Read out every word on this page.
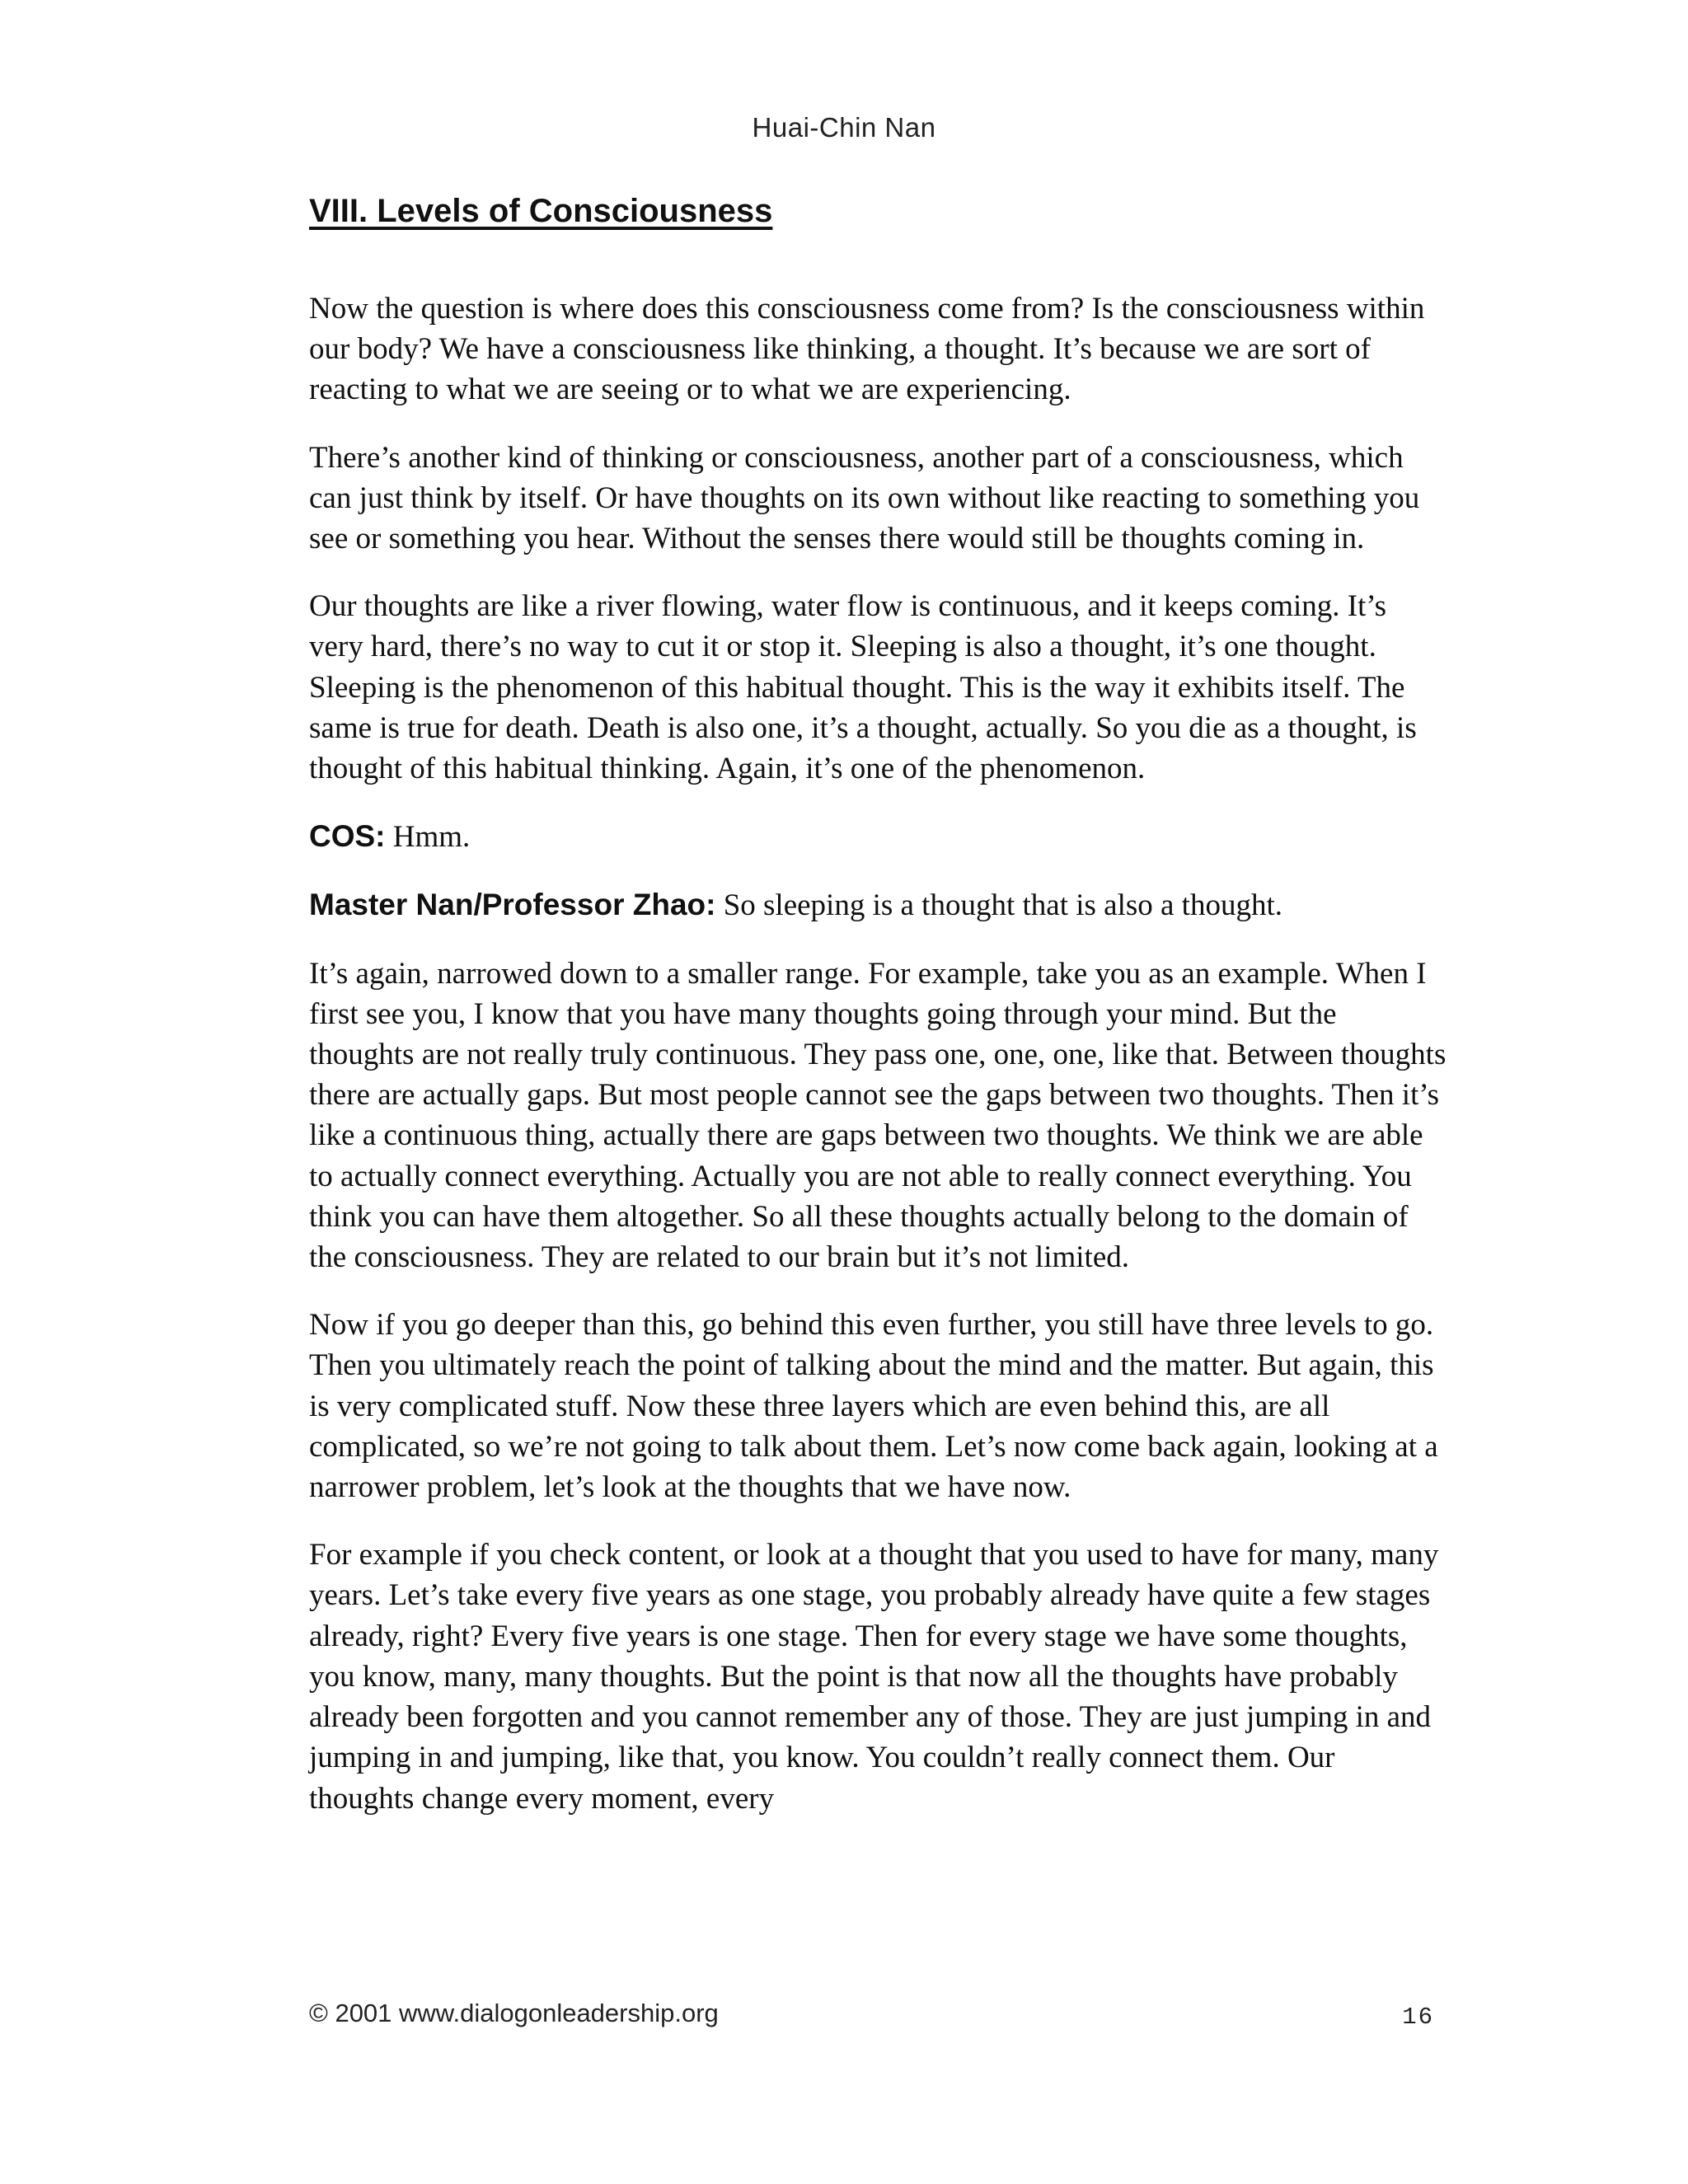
Huai-Chin Nan
VIII. Levels of Consciousness

Now the question is where does this consciousness come from? Is the consciousness within our body? We have a consciousness like thinking, a thought. It’s because we are sort of reacting to what we are seeing or to what we are experiencing.

There’s another kind of thinking or consciousness, another part of a consciousness, which can just think by itself. Or have thoughts on its own without like reacting to something you see or something you hear. Without the senses there would still be thoughts coming in.

Our thoughts are like a river flowing, water flow is continuous, and it keeps coming. It’s very hard, there’s no way to cut it or stop it. Sleeping is also a thought, it’s one thought. Sleeping is the phenomenon of this habitual thought. This is the way it exhibits itself. The same is true for death. Death is also one, it’s a thought, actually. So you die as a thought, is thought of this habitual thinking. Again, it’s one of the phenomenon.

COS: Hmm.

Master Nan/Professor Zhao: So sleeping is a thought that is also a thought.

It’s again, narrowed down to a smaller range. For example, take you as an example. When I first see you, I know that you have many thoughts going through your mind. But the thoughts are not really truly continuous. They pass one, one, one, like that. Between thoughts there are actually gaps. But most people cannot see the gaps between two thoughts. Then it’s like a continuous thing, actually there are gaps between two thoughts. We think we are able to actually connect everything. Actually you are not able to really connect everything. You think you can have them altogether. So all these thoughts actually belong to the domain of the consciousness. They are related to our brain but it’s not limited.

Now if you go deeper than this, go behind this even further, you still have three levels to go. Then you ultimately reach the point of talking about the mind and the matter. But again, this is very complicated stuff. Now these three layers which are even behind this, are all complicated, so we’re not going to talk about them. Let’s now come back again, looking at a narrower problem, let’s look at the thoughts that we have now.

For example if you check content, or look at a thought that you used to have for many, many years. Let’s take every five years as one stage, you probably already have quite a few stages already, right? Every five years is one stage. Then for every stage we have some thoughts, you know, many, many thoughts. But the point is that now all the thoughts have probably already been forgotten and you cannot remember any of those. They are just jumping in and jumping in and jumping, like that, you know. You couldn’t really connect them. Our thoughts change every moment, every

© 2001 www.dialogonleadership.org	16
